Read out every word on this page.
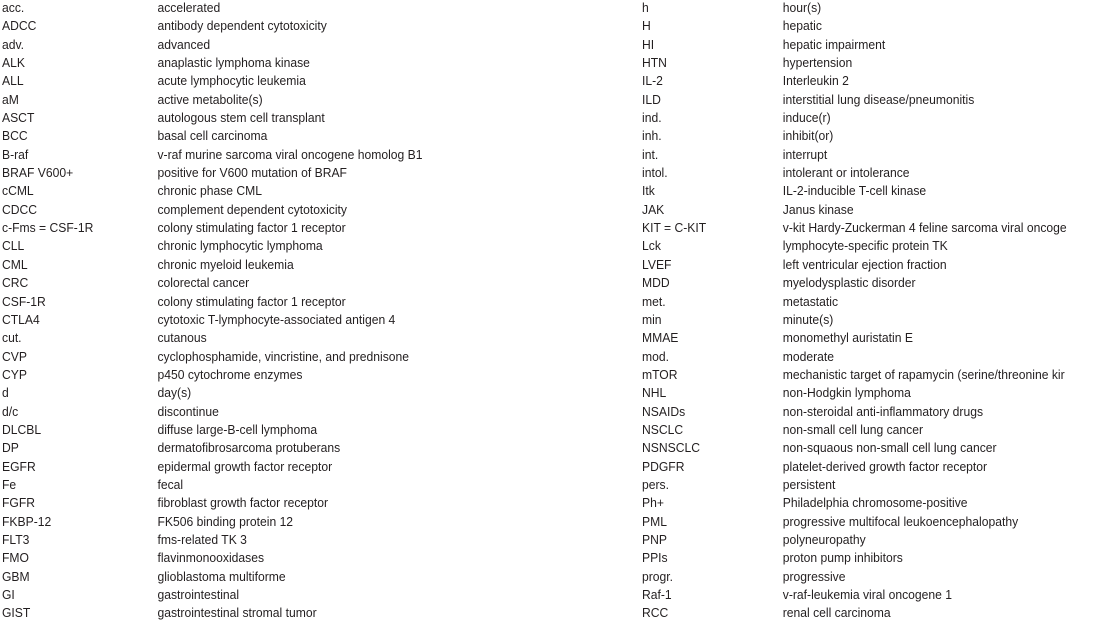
acc.	accelerated
ADCC	antibody dependent cytotoxicity
adv.	advanced
ALK	anaplastic lymphoma kinase
ALL	acute lymphocytic leukemia
aM	active metabolite(s)
ASCT	autologous stem cell transplant
BCC	basal cell carcinoma
B-raf	v-raf murine sarcoma viral oncogene homolog B1
BRAF V600+	positive for V600 mutation of BRAF
cCML	chronic phase CML
CDCC	complement dependent cytotoxicity
c-Fms = CSF-1R	colony stimulating factor 1 receptor
CLL	chronic lymphocytic lymphoma
CML	chronic myeloid leukemia
CRC	colorectal cancer
CSF-1R	colony stimulating factor 1 receptor
CTLA4	cytotoxic T-lymphocyte-associated antigen 4
cut.	cutanous
CVP	cyclophosphamide, vincristine, and prednisone
CYP	p450 cytochrome enzymes
d	day(s)
d/c	discontinue
DLCBL	diffuse large-B-cell lymphoma
DP	dermatofibrosarcoma protuberans
EGFR	epidermal growth factor receptor
Fe	fecal
FGFR	fibroblast growth factor receptor
FKBP-12	FK506 binding protein 12
FLT3	fms-related TK 3
FMO	flavinmonooxidases
GBM	glioblastoma multiforme
GI	gastrointestinal
GIST	gastrointestinal stromal tumor
h	hour(s)
H	hepatic
HI	hepatic impairment
HTN	hypertension
IL-2	Interleukin 2
ILD	interstitial lung disease/pneumonitis
ind.	induce(r)
inh.	inhibit(or)
int.	interrupt
intol.	intolerant or intolerance
Itk	IL-2-inducible T-cell kinase
JAK	Janus kinase
KIT = C-KIT	v-kit Hardy-Zuckerman 4 feline sarcoma viral oncoge
Lck	lymphocyte-specific protein TK
LVEF	left ventricular ejection fraction
MDD	myelodysplastic disorder
met.	metastatic
min	minute(s)
MMAE	monomethyl auristatin E
mod.	moderate
mTOR	mechanistic target of rapamycin (serine/threonine kir
NHL	non-Hodgkin lymphoma
NSAIDs	non-steroidal anti-inflammatory drugs
NSCLC	non-small cell lung cancer
NSNSCLC	non-squaous non-small cell lung cancer
PDGFR	platelet-derived growth factor receptor
pers.	persistent
Ph+	Philadelphia chromosome-positive
PML	progressive multifocal leukoencephalopathy
PNP	polyneuropathy
PPIs	proton pump inhibitors
progr.	progressive
Raf-1	v-raf-leukemia viral oncogene 1
RCC	renal cell carcinoma
